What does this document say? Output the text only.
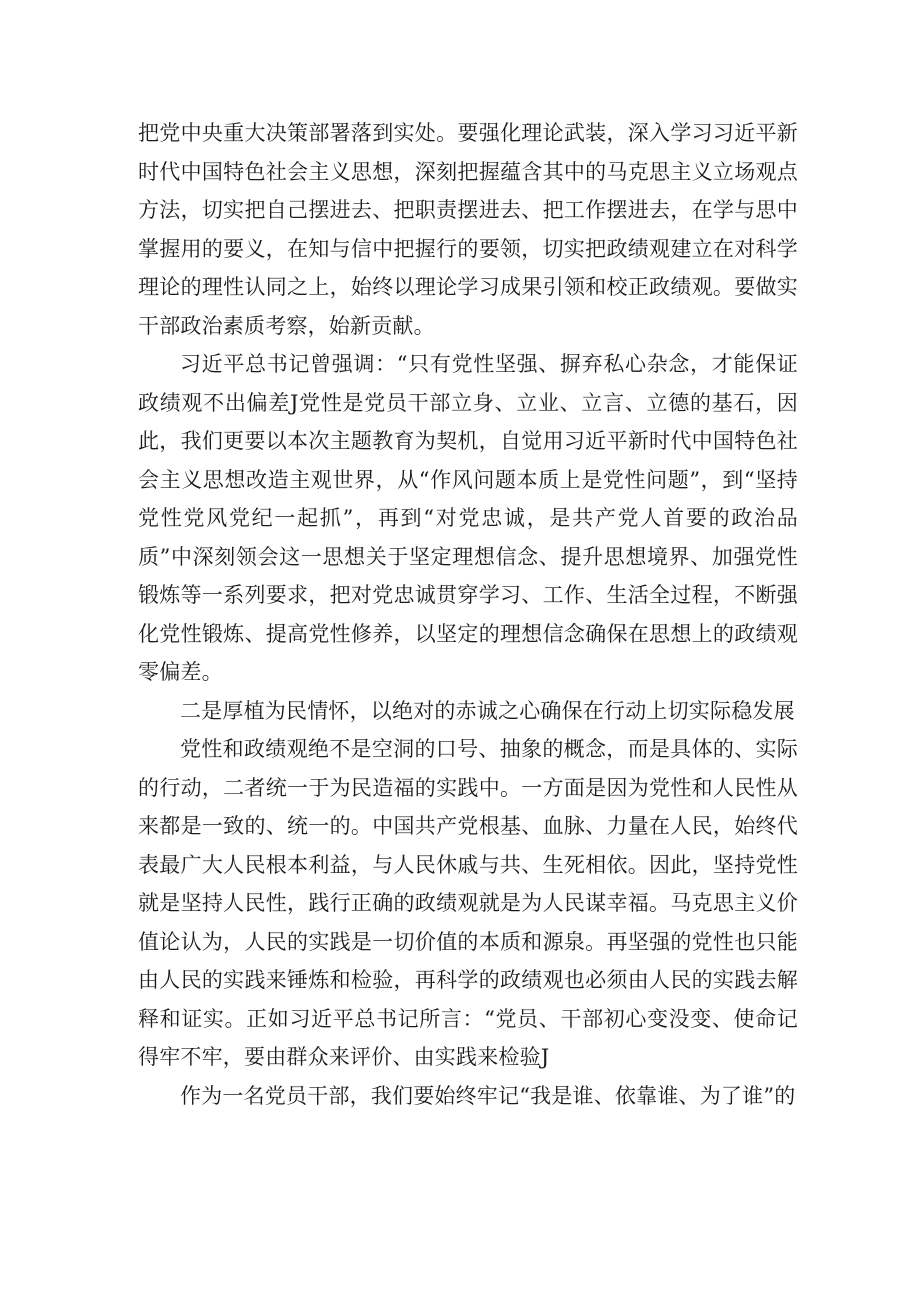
把党中央重大决策部署落到实处。要强化理论武装，深入学习习近平新时代中国特色社会主义思想，深刻把握蕴含其中的马克思主义立场观点方法，切实把自己摆进去、把职责摆进去、把工作摆进去，在学与思中掌握用的要义，在知与信中把握行的要领，切实把政绩观建立在对科学理论的理性认同之上，始终以理论学习成果引领和校正政绩观。要做实干部政治素质考察，始新贡献。

习近平总书记曾强调：“只有党性坚强、摒弃私心杂念，才能保证政绩观不出偏差J党性是党员干部立身、立业、立言、立德的基石，因此，我们更要以本次主题教育为契机，自觉用习近平新时代中国特色社会主义思想改造主观世界，从“作风问题本质上是党性问题”，到“坚持党性党风党纪一起抓”，再到“对党忠诚，是共产党人首要的政治品质”中深刻领会这一思想关于坚定理想信念、提升思想境界、加强党性锻炼等一系列要求，把对党忠诚贯穿学习、工作、生活全过程，不断强化党性锻炼、提高党性修养，以坚定的理想信念确保在思想上的政绩观零偏差。

二是厚植为民情怀，以绝对的赤诚之心确保在行动上切实际稳发展

党性和政绩观绝不是空洞的口号、抽象的概念，而是具体的、实际的行动，二者统一于为民造福的实践中。一方面是因为党性和人民性从来都是一致的、统一的。中国共产党根基、血脉、力量在人民，始终代表最广大人民根本利益，与人民休戚与共、生死相依。因此，坚持党性就是坚持人民性，践行正确的政绩观就是为人民谋幸福。马克思主义价值论认为，人民的实践是一切价值的本质和源泉。再坚强的党性也只能由人民的实践来锤炼和检验，再科学的政绩观也必须由人民的实践去解释和证实。正如习近平总书记所言：“党员、干部初心变没变、使命记得牢不牢，要由群众来评价、由实践来检验J

作为一名党员干部，我们要始终牢记“我是谁、依靠谁、为了谁”的
